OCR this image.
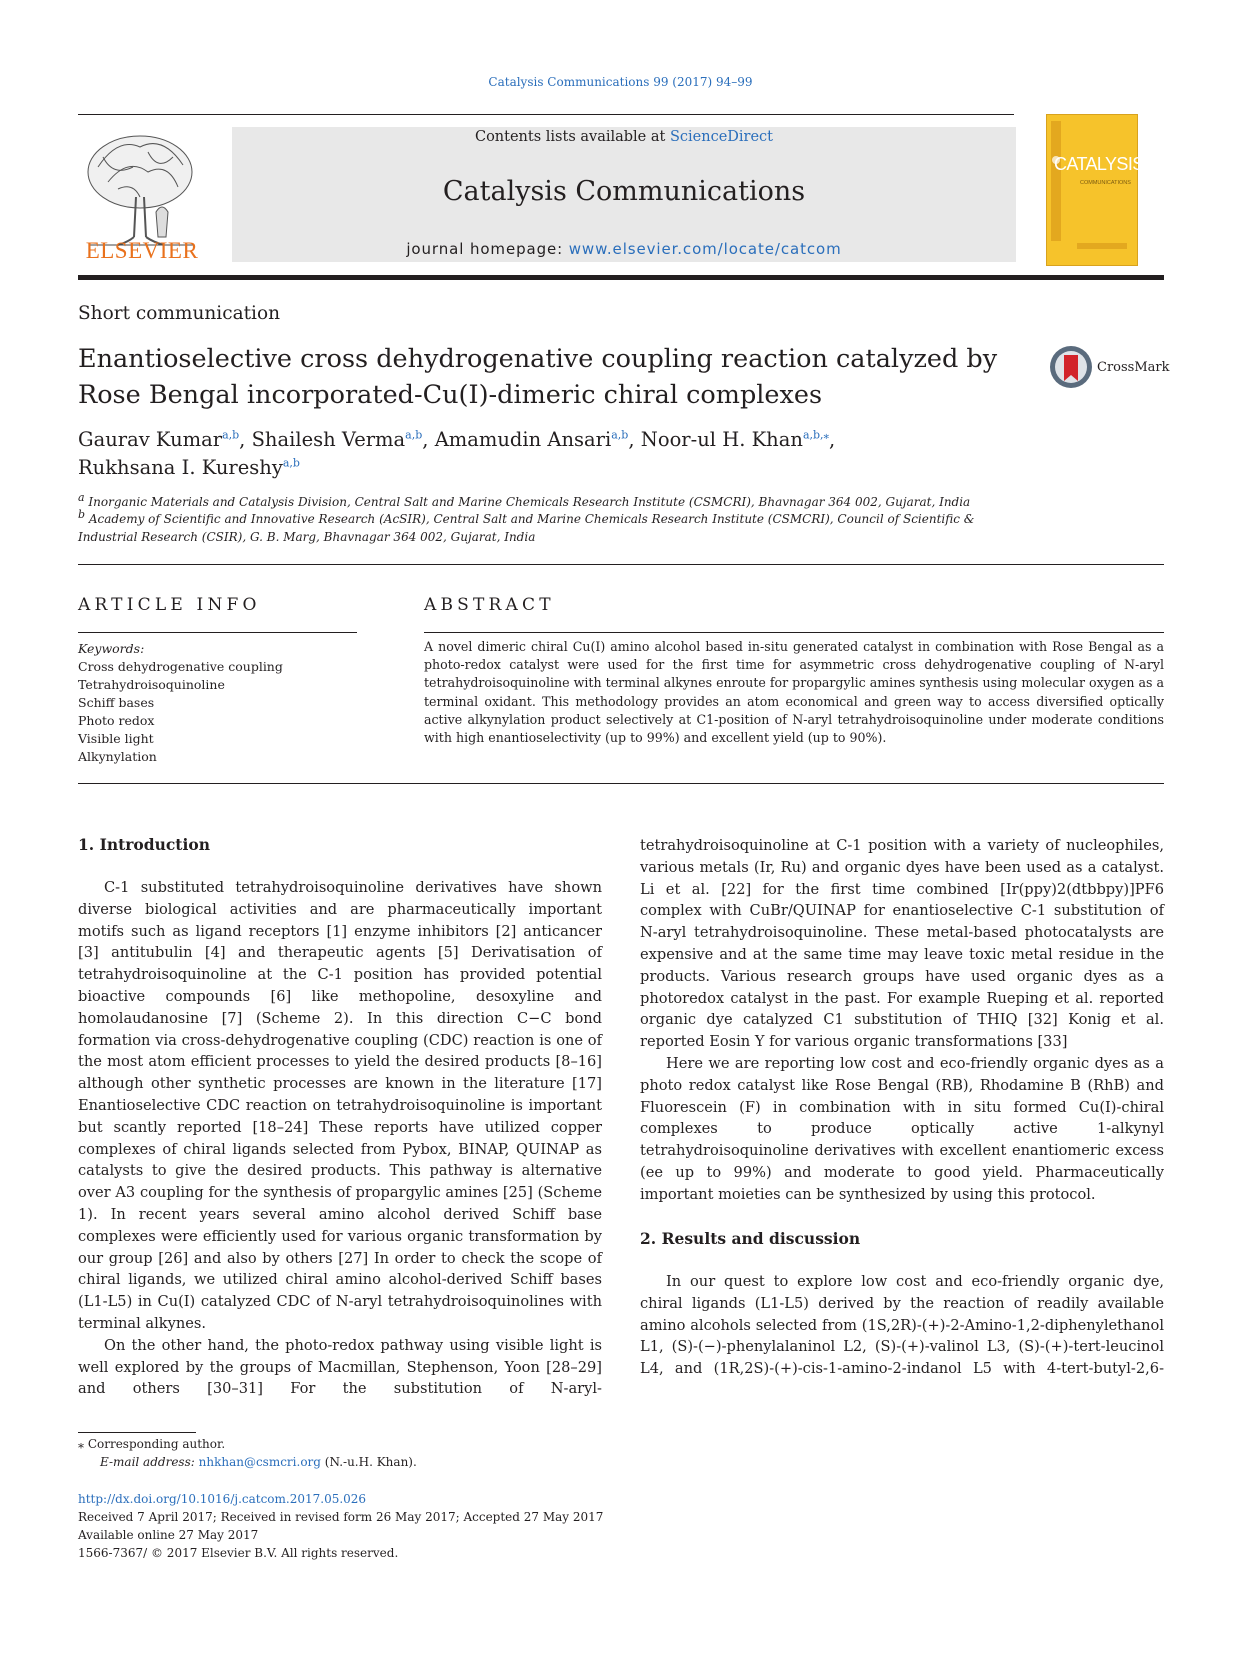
Catalysis Communications 99 (2017) 94–99
ELSEVIER
Contents lists available at ScienceDirect
Catalysis Communications
journal homepage: www.elsevier.com/locate/catcom
CATALYSIS
COMMUNICATIONS
Short communication
Enantioselective cross dehydrogenative coupling reaction catalyzed by Rose Bengal incorporated-Cu(I)-dimeric chiral complexes
CrossMark
Gaurav Kumar$^{a,b}$, Shailesh Verma$^{a,b}$, Amamudin Ansari$^{a,b}$, Noor-ul H. Khan$^{a,b,⁎}$,
Rukhsana I. Kureshy$^{a,b}$
$^a$ Inorganic Materials and Catalysis Division, Central Salt and Marine Chemicals Research Institute (CSMCRI), Bhavnagar 364 002, Gujarat, India
$^b$ Academy of Scientific and Innovative Research (AcSIR), Central Salt and Marine Chemicals Research Institute (CSMCRI), Council of Scientific & Industrial Research (CSIR), G. B. Marg, Bhavnagar 364 002, Gujarat, India
ARTICLE INFO
Keywords:
Cross dehydrogenative coupling
Tetrahydroisoquinoline
Schiff bases
Photo redox
Visible light
Alkynylation
ABSTRACT
A novel dimeric chiral Cu(I) amino alcohol based in-situ generated catalyst in combination with Rose Bengal as a photo-redox catalyst were used for the first time for asymmetric cross dehydrogenative coupling of N-aryl tetrahydroisoquinoline with terminal alkynes enroute for propargylic amines synthesis using molecular oxygen as a terminal oxidant. This methodology provides an atom economical and green way to access diversified optically active alkynylation product selectively at C1-position of N-aryl tetrahydroisoquinoline under moderate conditions with high enantioselectivity (up to 99%) and excellent yield (up to 90%).
1. Introduction

C-1 substituted tetrahydroisoquinoline derivatives have shown diverse biological activities and are pharmaceutically important motifs such as ligand receptors [1] enzyme inhibitors [2] anticancer [3] antitubulin [4] and therapeutic agents [5] Derivatisation of tetrahydroisoquinoline at the C-1 position has provided potential bioactive compounds [6] like methopoline, desoxyline and homolaudanosine [7] (Scheme 2). In this direction C−C bond formation via cross-dehydrogenative coupling (CDC) reaction is one of the most atom efficient processes to yield the desired products [8–16] although other synthetic processes are known in the literature [17] Enantioselective CDC reaction on tetrahydroisoquinoline is important but scantly reported [18–24] These reports have utilized copper complexes of chiral ligands selected from Pybox, BINAP, QUINAP as catalysts to give the desired products. This pathway is alternative over A3 coupling for the synthesis of propargylic amines [25] (Scheme 1). In recent years several amino alcohol derived Schiff base complexes were efficiently used for various organic transformation by our group [26] and also by others [27] In order to check the scope of chiral ligands, we utilized chiral amino alcohol-derived Schiff bases (L1-L5) in Cu(I) catalyzed CDC of N-aryl tetrahydroisoquinolines with terminal alkynes.

On the other hand, the photo-redox pathway using visible light is well explored by the groups of Macmillan, Stephenson, Yoon [28–29] and others [30–31] For the substitution of N-aryl-

tetrahydroisoquinoline at C-1 position with a variety of nucleophiles, various metals (Ir, Ru) and organic dyes have been used as a catalyst. Li et al. [22] for the first time combined [Ir(ppy)2(dtbbpy)]PF6 complex with CuBr/QUINAP for enantioselective C-1 substitution of N-aryl tetrahydroisoquinoline. These metal-based photocatalysts are expensive and at the same time may leave toxic metal residue in the products. Various research groups have used organic dyes as a photoredox catalyst in the past. For example Rueping et al. reported organic dye catalyzed C1 substitution of THIQ [32] Konig et al. reported Eosin Y for various organic transformations [33]

Here we are reporting low cost and eco-friendly organic dyes as a photo redox catalyst like Rose Bengal (RB), Rhodamine B (RhB) and Fluorescein (F) in combination with in situ formed Cu(I)-chiral complexes to produce optically active 1-alkynyl tetrahydroisoquinoline derivatives with excellent enantiomeric excess (ee up to 99%) and moderate to good yield. Pharmaceutically important moieties can be synthesized by using this protocol.

2. Results and discussion

In our quest to explore low cost and eco-friendly organic dye, chiral ligands (L1-L5) derived by the reaction of readily available amino alcohols selected from (1S,2R)-(+)-2-Amino-1,2-diphenylethanol L1, (S)-(−)-phenylalaninol L2, (S)-(+)-valinol L3, (S)-(+)-tert-leucinol L4, and (1R,2S)-(+)-cis-1-amino-2-indanol L5 with 4-tert-butyl-2,6-

⁎ Corresponding author.
E-mail address: nhkhan@csmcri.org (N.-u.H. Khan).
http://dx.doi.org/10.1016/j.catcom.2017.05.026
Received 7 April 2017; Received in revised form 26 May 2017; Accepted 27 May 2017
Available online 27 May 2017
1566-7367/ © 2017 Elsevier B.V. All rights reserved.
